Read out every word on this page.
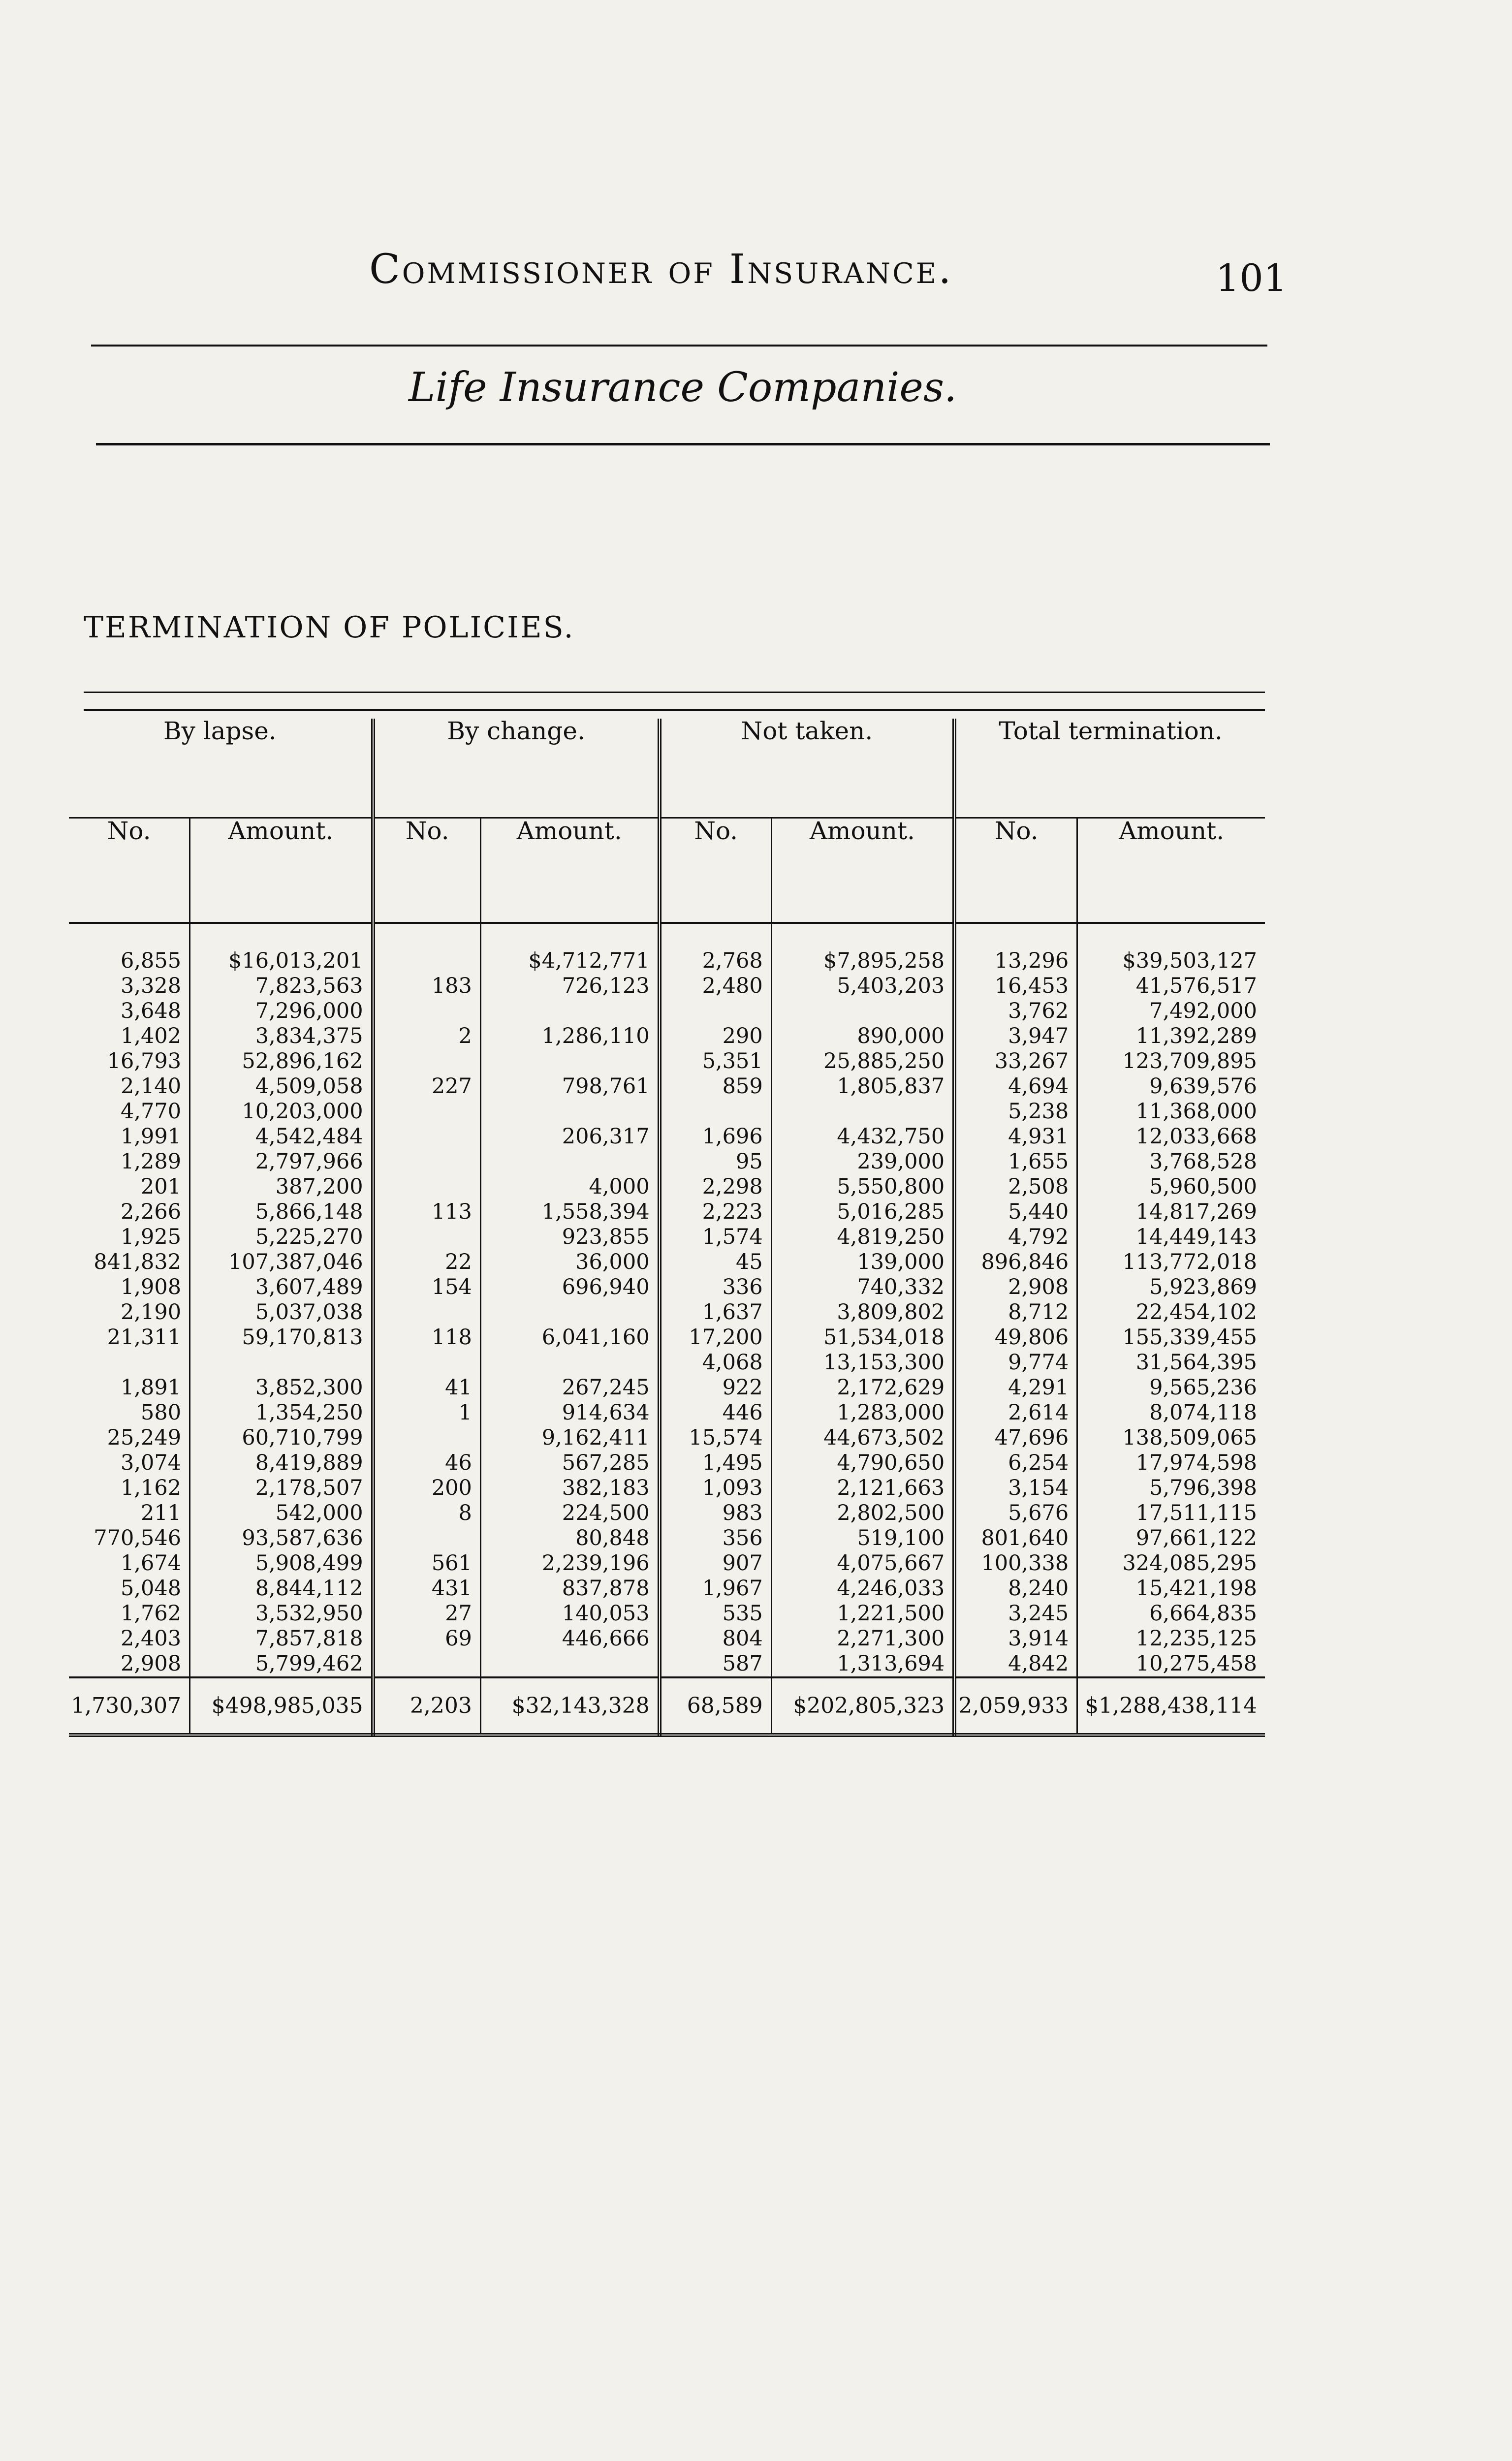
Commissioner of Insurance.	101
Life Insurance Companies.
TERMINATION OF POLICIES.
By lapse.		By change.		Not taken.		Total termination.	
No.	Amount.	No.	Amount.	No.	Amount.	No.	Amount.

6,855	$16,013,201		$4,712,771	2,768	$7,895,258	13,296	$39,503,127
3,328	7,823,563	183	726,123	2,480	5,403,203	16,453	41,576,517
3,648	7,296,000					3,762	7,492,000
1,402	3,834,375	2	1,286,110	290	890,000	3,947	11,392,289
16,793	52,896,162			5,351	25,885,250	33,267	123,709,895
2,140	4,509,058	227	798,761	859	1,805,837	4,694	9,639,576
4,770	10,203,000					5,238	11,368,000
1,991	4,542,484		206,317	1,696	4,432,750	4,931	12,033,668
1,289	2,797,966			95	239,000	1,655	3,768,528
201	387,200		4,000	2,298	5,550,800	2,508	5,960,500
2,266	5,866,148	113	1,558,394	2,223	5,016,285	5,440	14,817,269
1,925	5,225,270		923,855	1,574	4,819,250	4,792	14,449,143
841,832	107,387,046	22	36,000	45	139,000	896,846	113,772,018
1,908	3,607,489	154	696,940	336	740,332	2,908	5,923,869
2,190	5,037,038			1,637	3,809,802	8,712	22,454,102
21,311	59,170,813	118	6,041,160	17,200	51,534,018	49,806	155,339,455
				4,068	13,153,300	9,774	31,564,395
1,891	3,852,300	41	267,245	922	2,172,629	4,291	9,565,236
580	1,354,250	1	914,634	446	1,283,000	2,614	8,074,118
25,249	60,710,799		9,162,411	15,574	44,673,502	47,696	138,509,065
3,074	8,419,889	46	567,285	1,495	4,790,650	6,254	17,974,598
1,162	2,178,507	200	382,183	1,093	2,121,663	3,154	5,796,398
211	542,000	8	224,500	983	2,802,500	5,676	17,511,115
770,546	93,587,636		80,848	356	519,100	801,640	97,661,122
1,674	5,908,499	561	2,239,196	907	4,075,667	100,338	324,085,295
5,048	8,844,112	431	837,878	1,967	4,246,033	8,240	15,421,198
1,762	3,532,950	27	140,053	535	1,221,500	3,245	6,664,835
2,403	7,857,818	69	446,666	804	2,271,300	3,914	12,235,125
2,908	5,799,462			587	1,313,694	4,842	10,275,458
1,730,307	$498,985,035	2,203	$32,143,328	68,589	$202,805,323	2,059,933	$1,288,438,114
